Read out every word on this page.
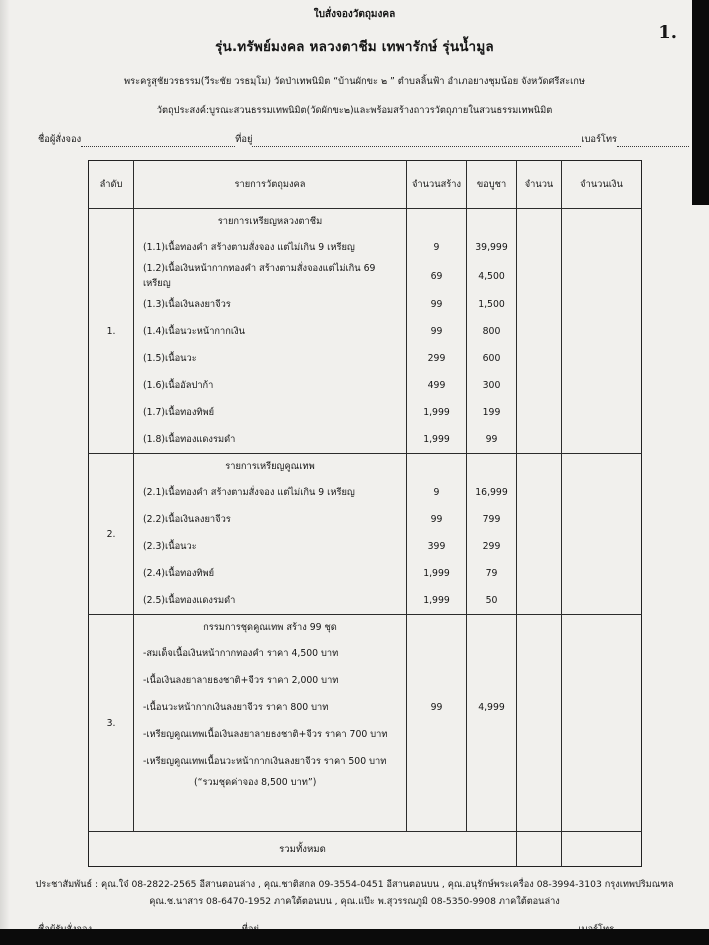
ใบสั่งจองวัตถุมงคล
1.
รุ่น.ทรัพย์มงคล หลวงตาชีม เทพารักษ์ รุ่นน้ำมูล
พระครูสุชัยวรธรรม(วีระชัย วรธมฺโม) วัดป่าเทพนิมิต “บ้านผักขะ ๒ ” ตำบลลิ้นฟ้า อำเภอยางชุมน้อย จังหวัดศรีสะเกษ
วัตถุประสงค์:บูรณะสวนธรรมเทพนิมิต(วัดผักขะ๒)และพร้อมสร้างถาวรวัตถุภายในสวนธรรมเทพนิมิต
ชื่อผู้สั่งจอง	ที่อยู่	เบอร์โทร
ลำดับ	รายการวัตถุมงคล	จำนวนสร้าง	ขอบูชา	จำนวน	จำนวนเงิน
1.	รายการเหรียญหลวงตาชีม				
	(1.1)เนื้อทองคำ สร้างตามสั่งจอง แต่ไม่เกิน 9 เหรียญ	9	39,999		
	(1.2)เนื้อเงินหน้ากากทองคำ สร้างตามสั่งจองแต่ไม่เกิน 69 เหรียญ	69	4,500		
	(1.3)เนื้อเงินลงยาจีวร	99	1,500		
	(1.4)เนื้อนวะหน้ากากเงิน	99	800		
	(1.5)เนื้อนวะ	299	600		
	(1.6)เนื้ออัลปาก้า	499	300		
	(1.7)เนื้อทองทิพย์	1,999	199		
	(1.8)เนื้อทองแดงรมดำ	1,999	99		
2.	รายการเหรียญคูณเทพ				
	(2.1)เนื้อทองคำ สร้างตามสั่งจอง แต่ไม่เกิน 9 เหรียญ	9	16,999		
	(2.2)เนื้อเงินลงยาจีวร	99	799		
	(2.3)เนื้อนวะ	399	299		
	(2.4)เนื้อทองทิพย์	1,999	79		
	(2.5)เนื้อทองแดงรมดำ	1,999	50		
3.	กรรมการชุดคูณเทพ สร้าง 99 ชุด				
	-สมเด็จเนื้อเงินหน้ากากทองคำ ราคา 4,500 บาท				
	-เนื้อเงินลงยาลายธงชาติ+จีวร ราคา 2,000 บาท				
	-เนื้อนวะหน้ากากเงินลงยาจีวร ราคา 800 บาท	99	4,999		
	-เหรียญคูณเทพเนื้อเงินลงยาลายธงชาติ+จีวร ราคา 700 บาท				
	-เหรียญคูณเทพเนื้อนวะหน้ากากเงินลงยาจีวร ราคา 500 บาท				
	(“รวมชุดค่าจอง 8,500 บาท”)				
รวมทั้งหมด					
ประชาสัมพันธ์ : คุณ.ใจ๋ 08-2822-2565 อีสานตอนล่าง , คุณ.ชาติสกล 09-3554-0451 อีสานตอนบน , คุณ.อนุรักษ์พระเครื่อง 08-3994-3103 กรุงเทพปริมณฑล
คุณ.ช.นาสาร 08-6470-1952 ภาคใต้ตอนบน , คุณ.แป๊ะ พ.สุวรรณภูมิ 08-5350-9908 ภาคใต้ตอนล่าง
